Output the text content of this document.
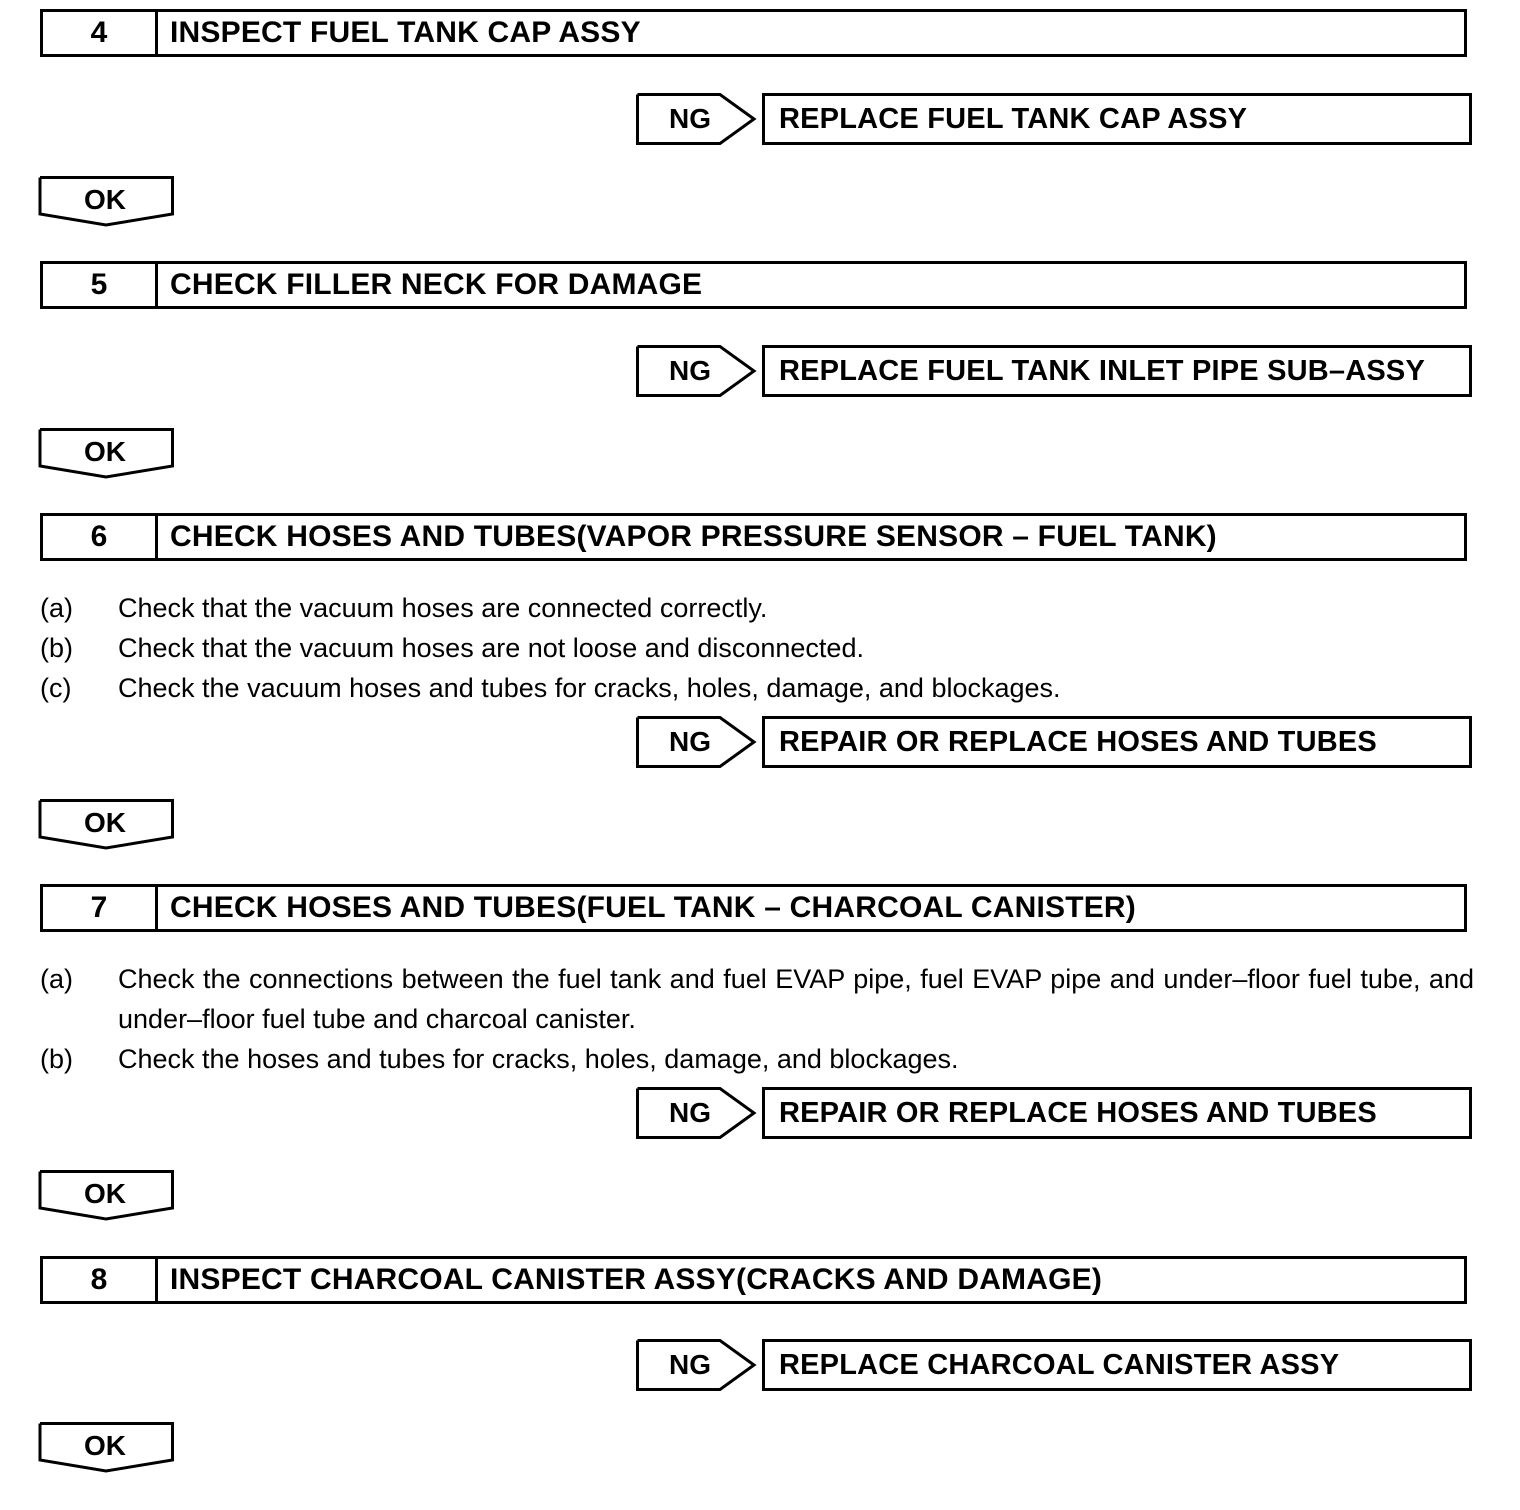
4	INSPECT FUEL TANK CAP ASSY
NG	REPLACE FUEL TANK CAP ASSY
OK
5	CHECK FILLER NECK FOR DAMAGE
NG	REPLACE FUEL TANK INLET PIPE SUB–ASSY
OK
6	CHECK HOSES AND TUBES(VAPOR PRESSURE SENSOR – FUEL TANK)
(a) Check that the vacuum hoses are connected correctly.
(b) Check that the vacuum hoses are not loose and disconnected.
(c) Check the vacuum hoses and tubes for cracks, holes, damage, and blockages.
NG	REPAIR OR REPLACE HOSES AND TUBES
OK
7	CHECK HOSES AND TUBES(FUEL TANK – CHARCOAL CANISTER)
(a) Check the connections between the fuel tank and fuel EVAP pipe, fuel EVAP pipe and under–floor fuel tube, and under–floor fuel tube and charcoal canister.
(b) Check the hoses and tubes for cracks, holes, damage, and blockages.
NG	REPAIR OR REPLACE HOSES AND TUBES
OK
8	INSPECT CHARCOAL CANISTER ASSY(CRACKS AND DAMAGE)
NG	REPLACE CHARCOAL CANISTER ASSY
OK
